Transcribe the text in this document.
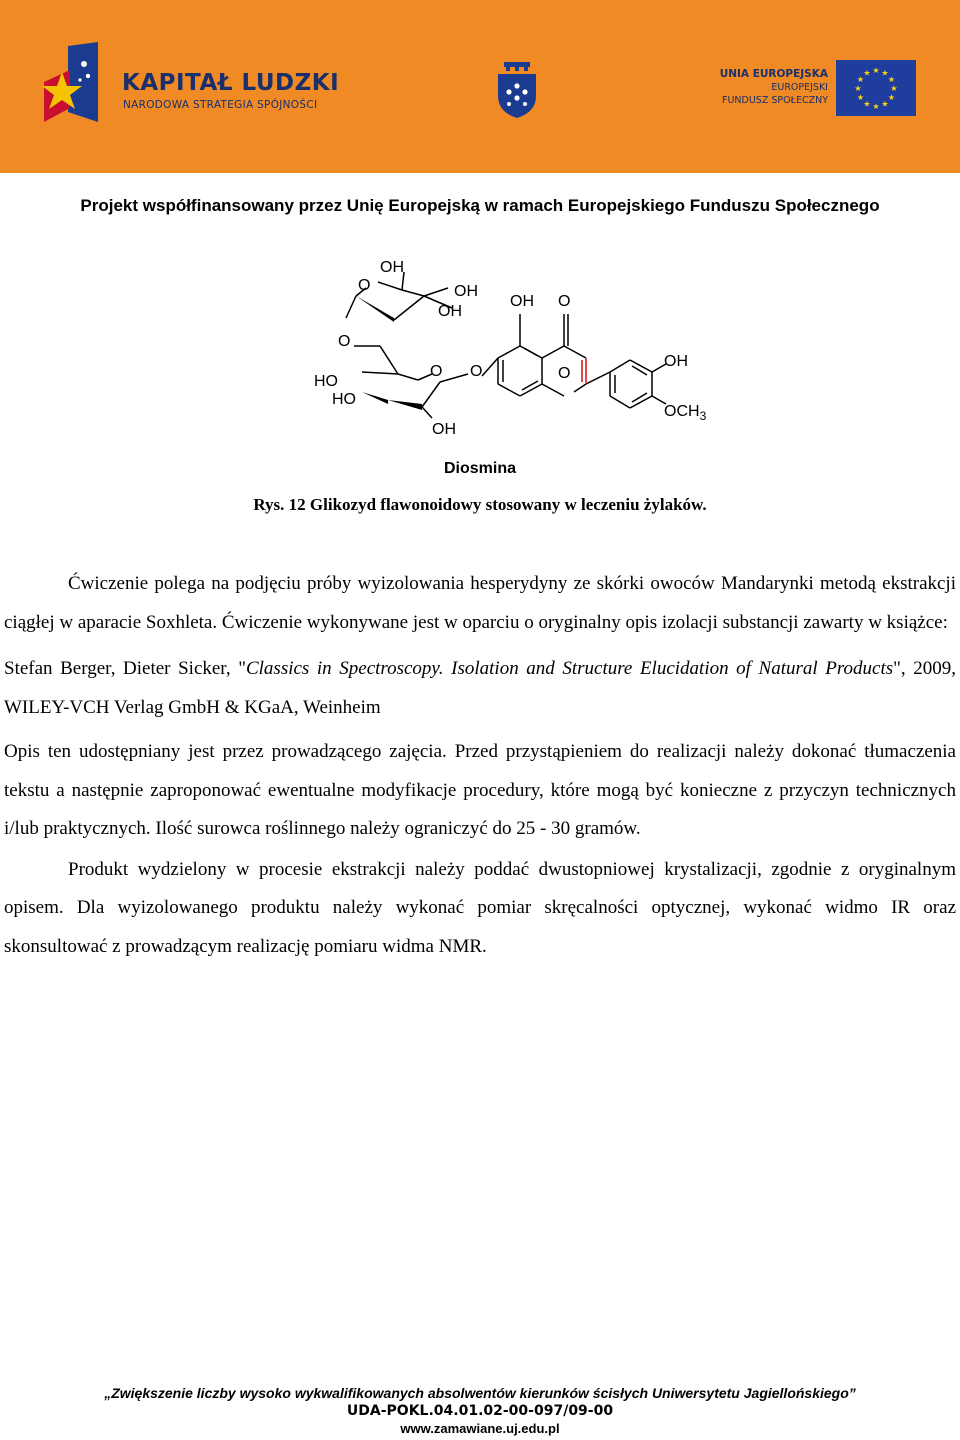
KAPITAŁ LUDZKI
NARODOWA STRATEGIA SPÓJNOŚCI
UNIA EUROPEJSKA
EUROPEJSKI
FUNDUSZ SPOŁECZNY
★ ★
★
★
★
★
★
★
★
★
★
★
Projekt współfinansowany przez Unię Europejską w ramach Europejskiego Funduszu Społecznego
OH
O	OH
OH
O
HO
HO
O O
OH
OH O
O
OH
$OCH_3$
Diosmina
Rys. 12 Glikozyd flawonoidowy stosowany w leczeniu żylaków.

Ćwiczenie polega na podjęciu próby wyizolowania hesperydyny ze skórki owoców Mandarynki metodą ekstrakcji ciągłej w aparacie Soxhleta. Ćwiczenie wykonywane jest w oparciu o oryginalny opis izolacji substancji zawarty w książce:

Stefan Berger, Dieter Sicker, "Classics in Spectroscopy. Isolation and Structure Elucidation of Natural Products", 2009, WILEY-VCH Verlag GmbH & KGaA, Weinheim

Opis ten udostępniany jest przez prowadzącego zajęcia. Przed przystąpieniem do realizacji należy dokonać tłumaczenia tekstu a następnie zaproponować ewentualne modyfikacje procedury, które mogą być konieczne z przyczyn technicznych i/lub praktycznych. Ilość surowca roślinnego należy ograniczyć do 25 - 30 gramów.

Produkt wydzielony w procesie ekstrakcji należy poddać dwustopniowej krystalizacji, zgodnie z oryginalnym opisem. Dla wyizolowanego produktu należy wykonać pomiar skręcalności optycznej, wykonać widmo IR oraz skonsultować z prowadzącym realizację pomiaru widma NMR.

„Zwiększenie liczby wysoko wykwalifikowanych absolwentów kierunków ścisłych Uniwersytetu Jagiellońskiego”
UDA-POKL.04.01.02-00-097/09-00
www.zamawiane.uj.edu.pl
